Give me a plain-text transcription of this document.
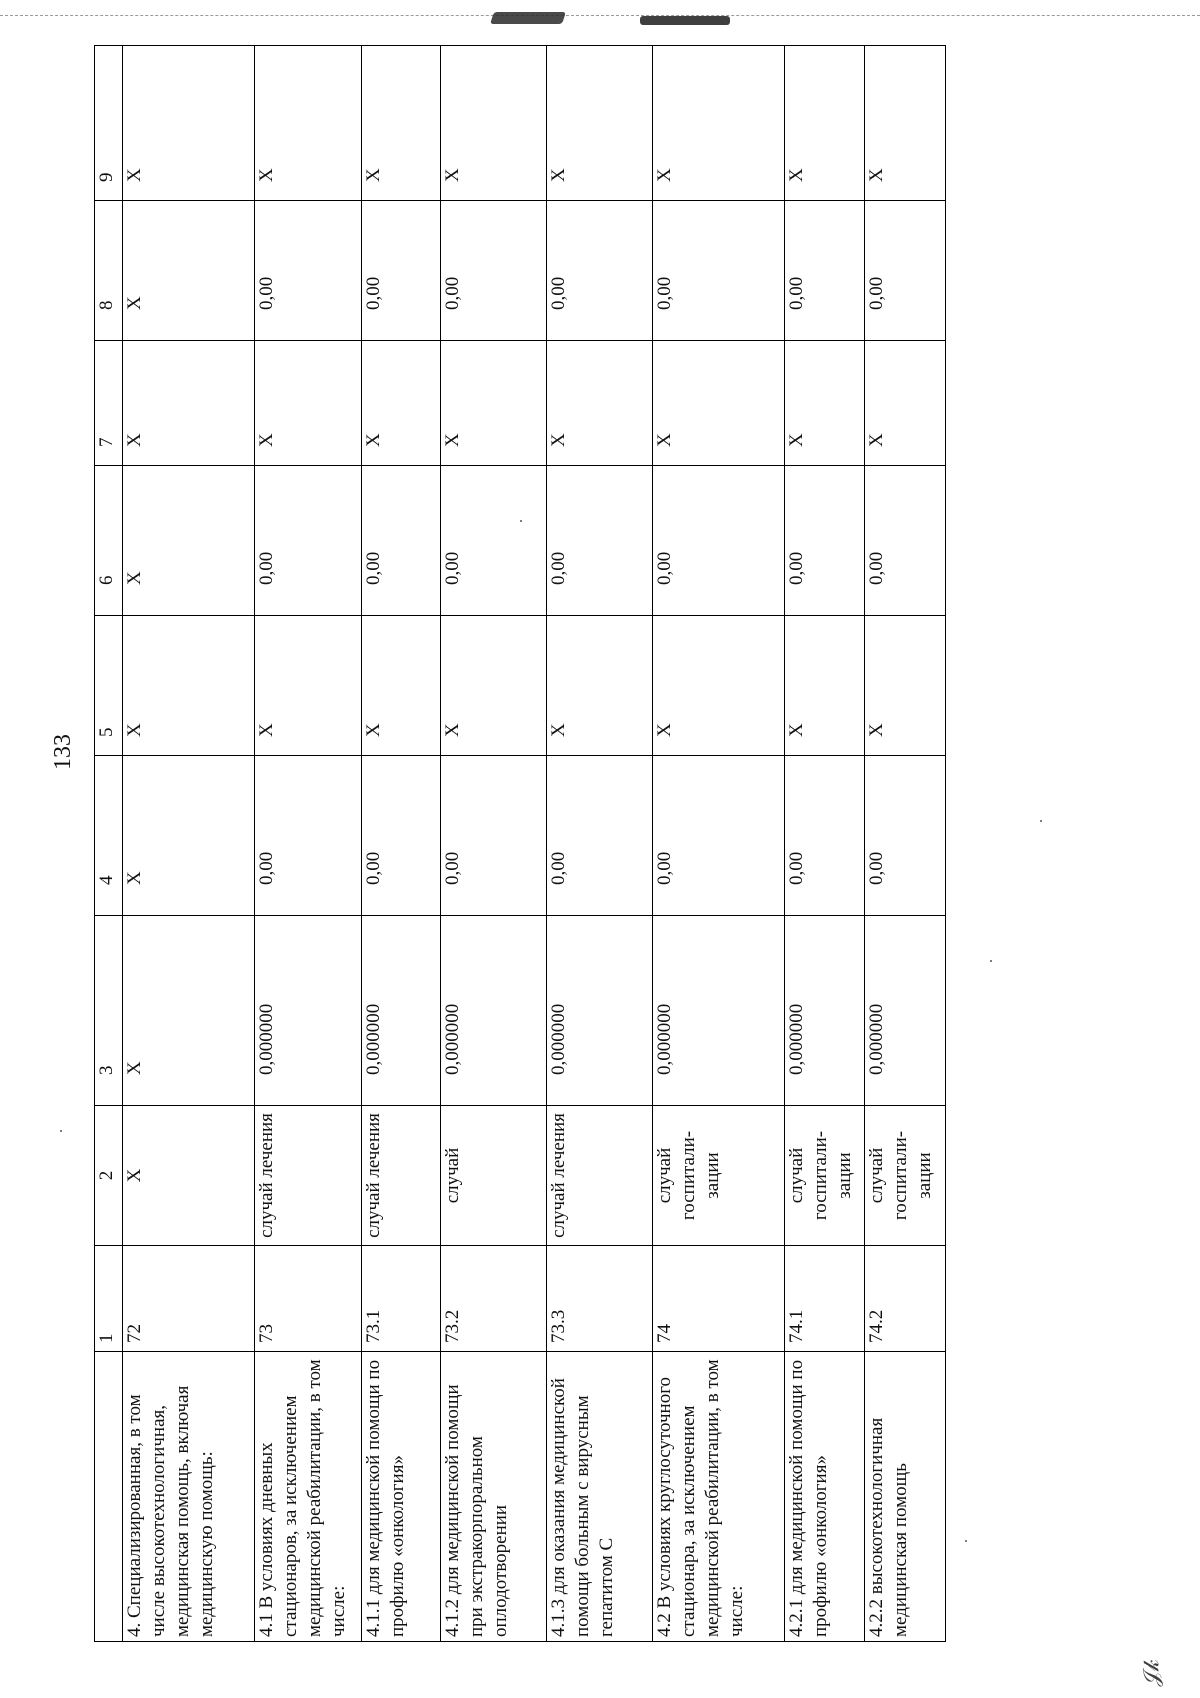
133
𝒥𝓀
	1	2	3	4	5	6	7	8	9
4. Специализированная, в том числе высокотехнологичная, медицинская помощь, включая медицинскую помощь:	72	X	X	X	X	X	X	X	X
4.1 В условиях дневных стационаров, за исключением медицинской реабилитации, в том числе:	73	случай лечения	0,000000	0,00	X	0,00	X	0,00	X
4.1.1 для медицинской помощи по профилю «онкология»	73.1	случай лечения	0,000000	0,00	X	0,00	X	0,00	X
4.1.2 для медицинской помощи при экстракорпоральном оплодотворении	73.2	случай	0,000000	0,00	X	0,00	X	0,00	X
4.1.3 для оказания медицинской помощи больным с вирусным гепатитом С	73.3	случай лечения	0,000000	0,00	X	0,00	X	0,00	X
4.2 В условиях круглосуточного стационара, за исключением медицинской реабилитации, в том числе:	74	случай госпитали-зации	0,000000	0,00	X	0,00	X	0,00	X
4.2.1 для медицинской помощи по профилю «онкология»	74.1	случай госпитали-зации	0,000000	0,00	X	0,00	X	0,00	X
4.2.2 высокотехнологичная медицинская помощь	74.2	случай госпитали-зации	0,000000	0,00	X	0,00	X	0,00	X
